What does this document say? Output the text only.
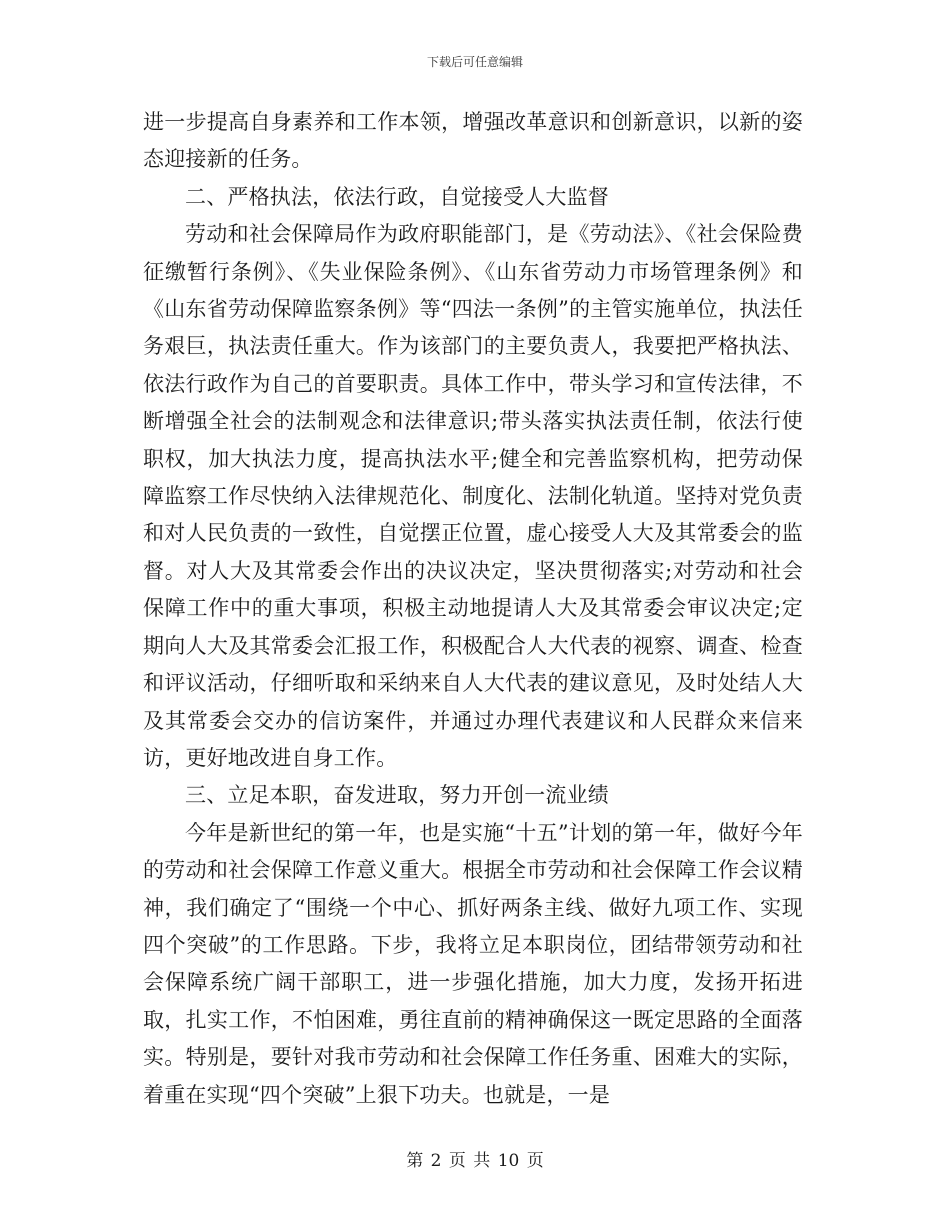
下载后可任意编辑

进一步提高自身素养和工作本领，增强改革意识和创新意识，以新的姿态迎接新的任务。

二、严格执法，依法行政，自觉接受人大监督

劳动和社会保障局作为政府职能部门，是《劳动法》、《社会保险费征缴暂行条例》、《失业保险条例》、《山东省劳动力市场管理条例》和《山东省劳动保障监察条例》等“四法一条例”的主管实施单位，执法任务艰巨，执法责任重大。作为该部门的主要负责人，我要把严格执法、依法行政作为自己的首要职责。具体工作中，带头学习和宣传法律，不断增强全社会的法制观念和法律意识;带头落实执法责任制，依法行使职权，加大执法力度，提高执法水平;健全和完善监察机构，把劳动保障监察工作尽快纳入法律规范化、制度化、法制化轨道。坚持对党负责和对人民负责的一致性，自觉摆正位置，虚心接受人大及其常委会的监督。对人大及其常委会作出的决议决定，坚决贯彻落实;对劳动和社会保障工作中的重大事项，积极主动地提请人大及其常委会审议决定;定期向人大及其常委会汇报工作，积极配合人大代表的视察、调查、检查和评议活动，仔细听取和采纳来自人大代表的建议意见，及时处结人大及其常委会交办的信访案件，并通过办理代表建议和人民群众来信来访，更好地改进自身工作。

三、立足本职，奋发进取，努力开创一流业绩

今年是新世纪的第一年，也是实施“十五”计划的第一年，做好今年的劳动和社会保障工作意义重大。根据全市劳动和社会保障工作会议精神，我们确定了“围绕一个中心、抓好两条主线、做好九项工作、实现四个突破”的工作思路。下步，我将立足本职岗位，团结带领劳动和社会保障系统广阔干部职工，进一步强化措施，加大力度，发扬开拓进取，扎实工作，不怕困难，勇往直前的精神确保这一既定思路的全面落实。特别是，要针对我市劳动和社会保障工作任务重、困难大的实际，着重在实现“四个突破”上狠下功夫。也就是，一是

第 2 页 共 10 页
